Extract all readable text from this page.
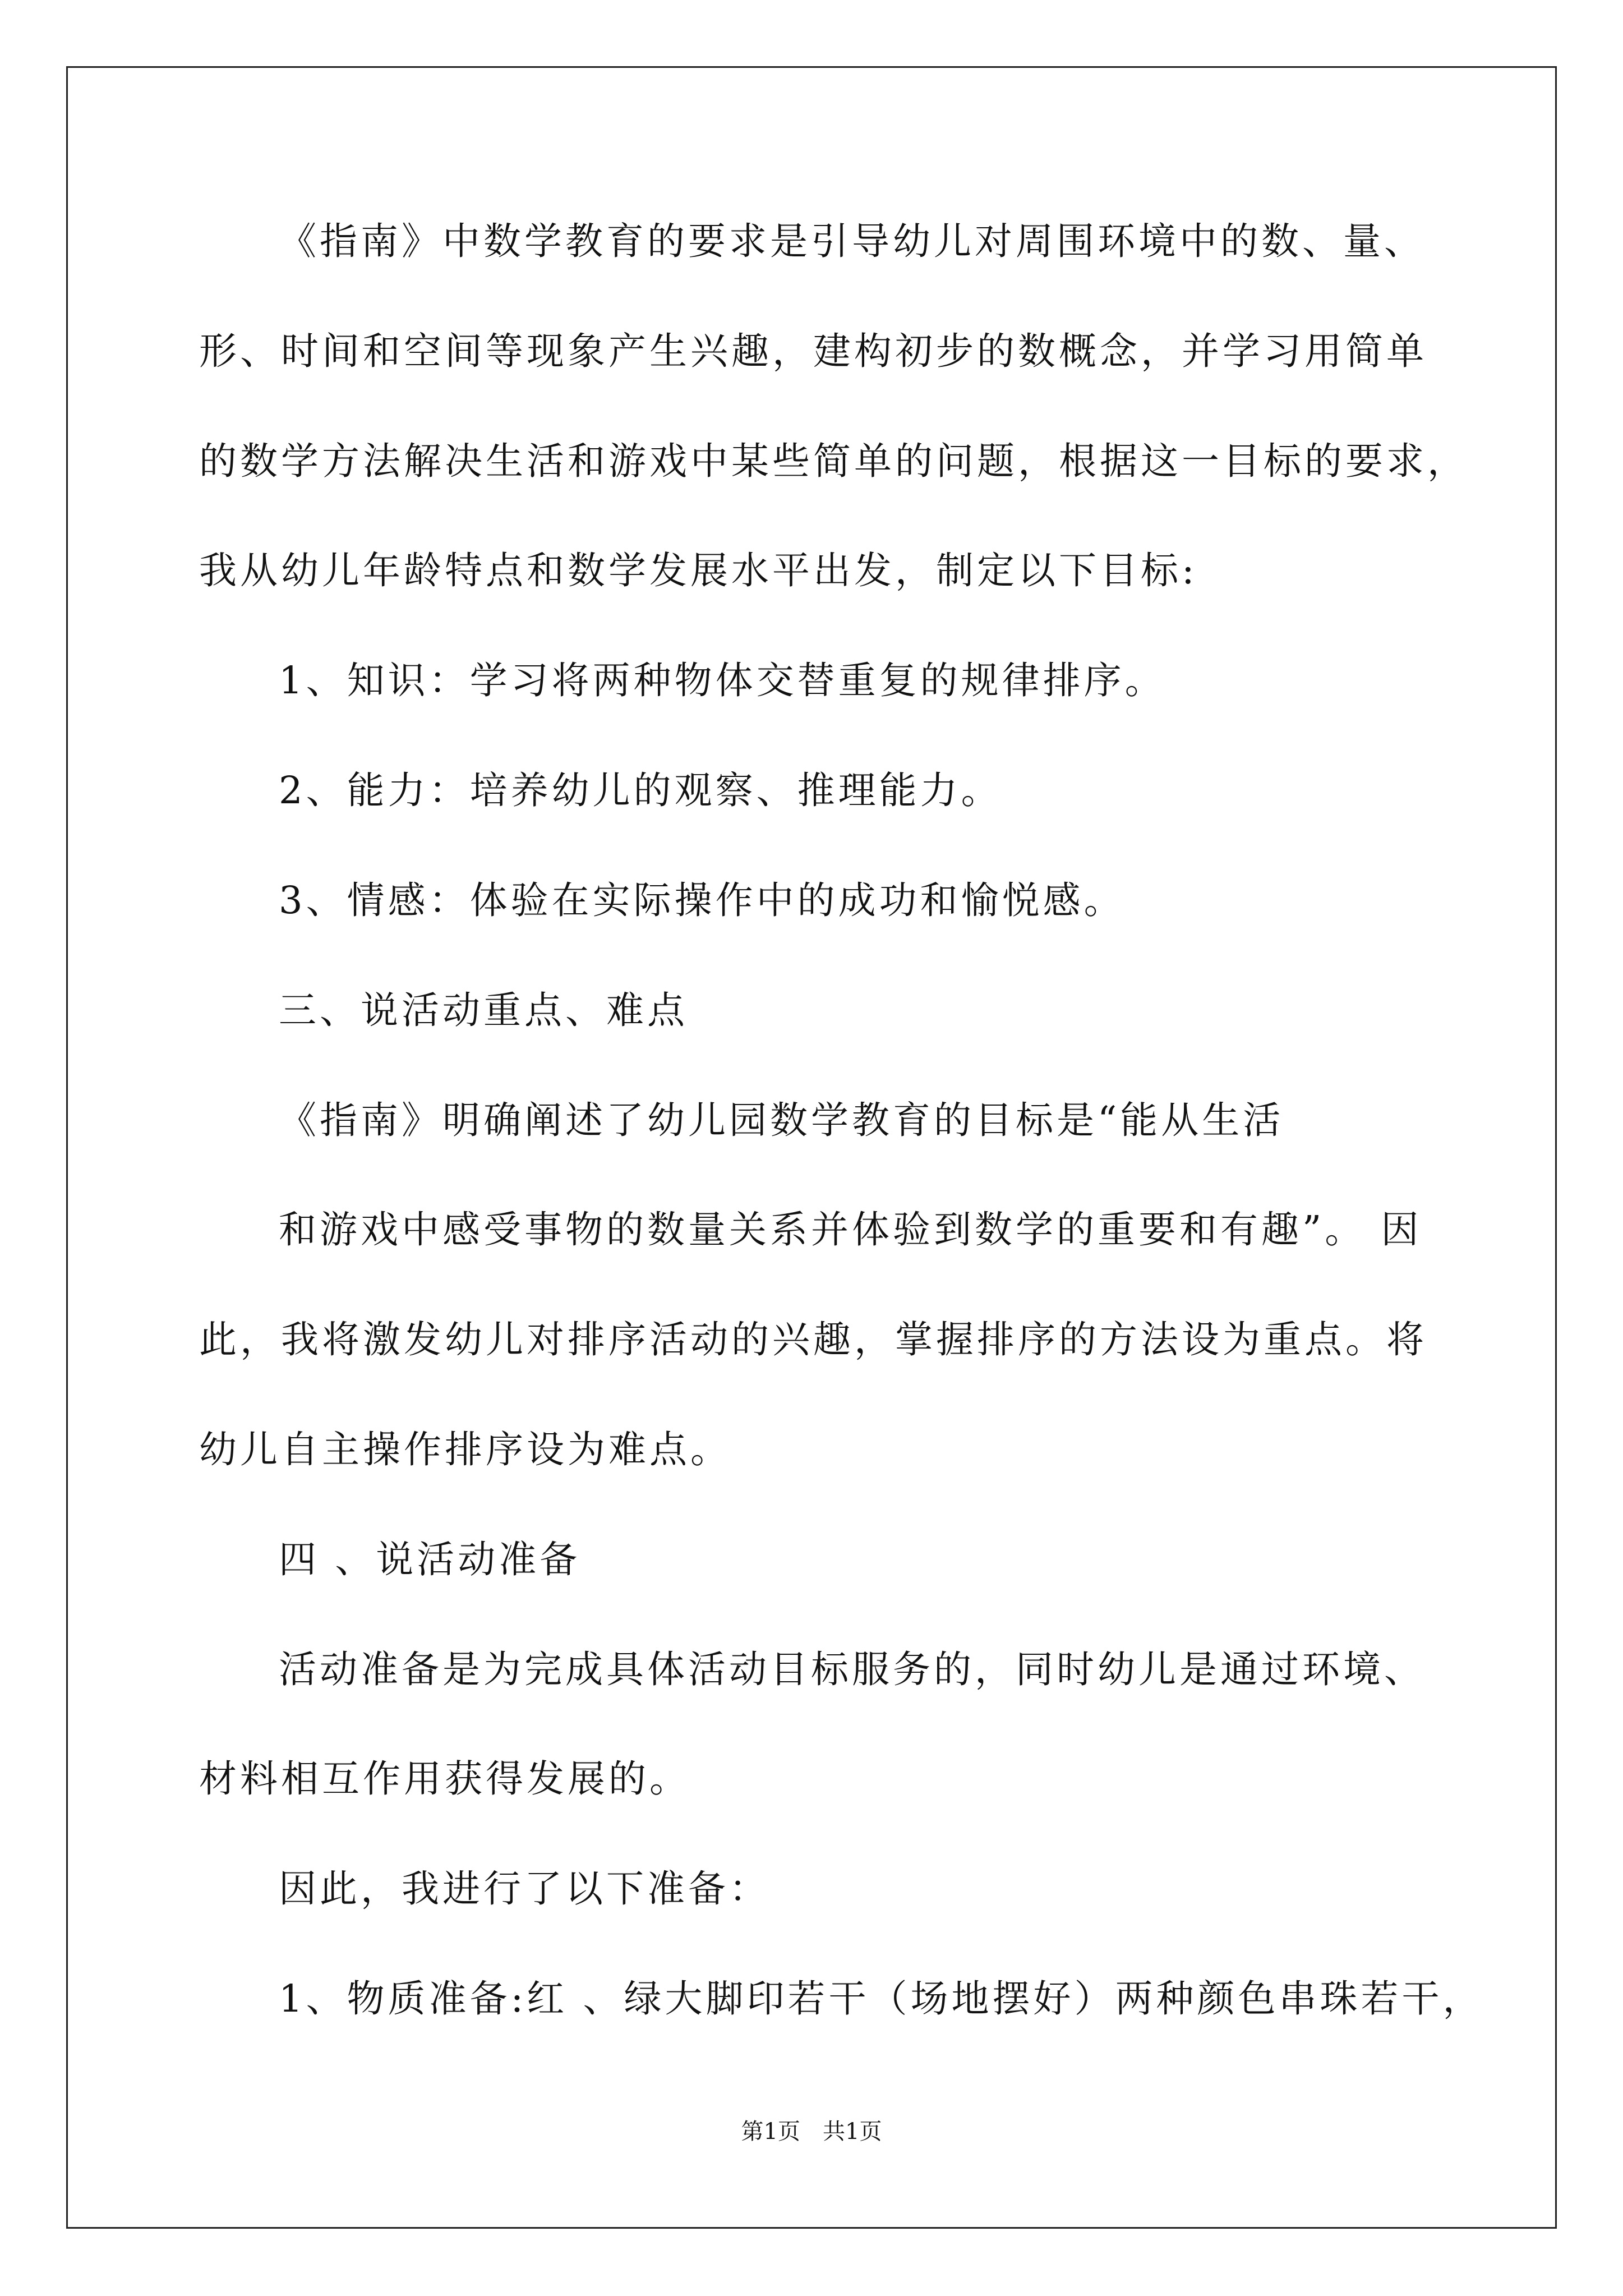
《指南》中数学教育的要求是引导幼儿对周围环境中的数、量、
形、时间和空间等现象产生兴趣，建构初步的数概念，并学习用简单
的数学方法解决生活和游戏中某些简单的问题，根据这一目标的要求，
我从幼儿年龄特点和数学发展水平出发，制定以下目标:
1、知识：学习将两种物体交替重复的规律排序。
2、能力：培养幼儿的观察、推理能力。
3、情感：体验在实际操作中的成功和愉悦感。
三、说活动重点、难点
《指南》明确阐述了幼儿园数学教育的目标是“能从生活
和游戏中感受事物的数量关系并体验到数学的重要和有趣”。 因
此，我将激发幼儿对排序活动的兴趣，掌握排序的方法设为重点。将
幼儿自主操作排序设为难点。
四 、说活动准备
活动准备是为完成具体活动目标服务的，同时幼儿是通过环境、
材料相互作用获得发展的。
因此，我进行了以下准备：
1、物质准备:红 、绿大脚印若干（场地摆好）两种颜色串珠若干，
第1页　共1页
